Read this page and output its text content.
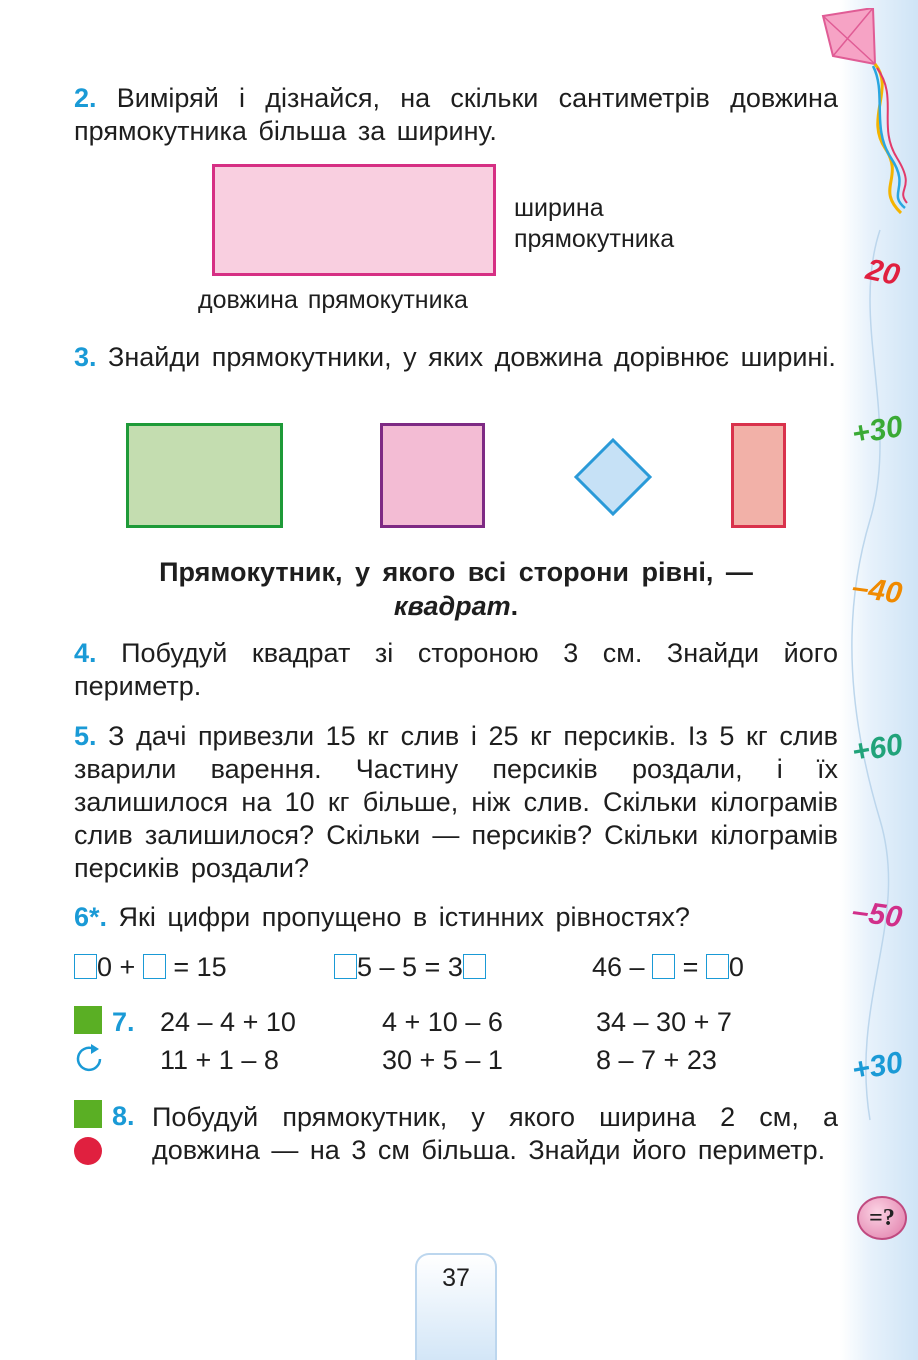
20
+30
–40
+60
–50
+30
=?
2. Виміряй і дізнайся, на скільки сантиметрів довжина прямокутника більша за ширину.
ширина
прямокутника
довжина прямокутника
3. Знайди прямокутники, у яких довжина дорівнює ширині.
Прямокутник, у якого всі сторони рівні, —
квадрат.
4. Побудуй квадрат зі стороною 3 см. Знайди його периметр.
5. З дачі привезли 15 кг слив і 25 кг персиків. Із 5 кг слив зварили варення. Частину персиків роздали, і їх залишилося на 10 кг більше, ніж слив. Скільки кілограмів слив залишилося? Скільки — персиків? Скільки кілограмів персиків роздали?
6*. Які цифри пропущено в істинних рівностях?
0 + = 15	5 – 5 = 3	46 – = 0
7. 24 – 4 + 10	4 + 10 – 6	34 – 30 + 7
11 + 1 – 8	30 + 5 – 1	8 – 7 + 23
8. Побудуй прямокутник, у якого ширина 2 см, а довжина — на 3 см більша. Знайди його периметр.
37
